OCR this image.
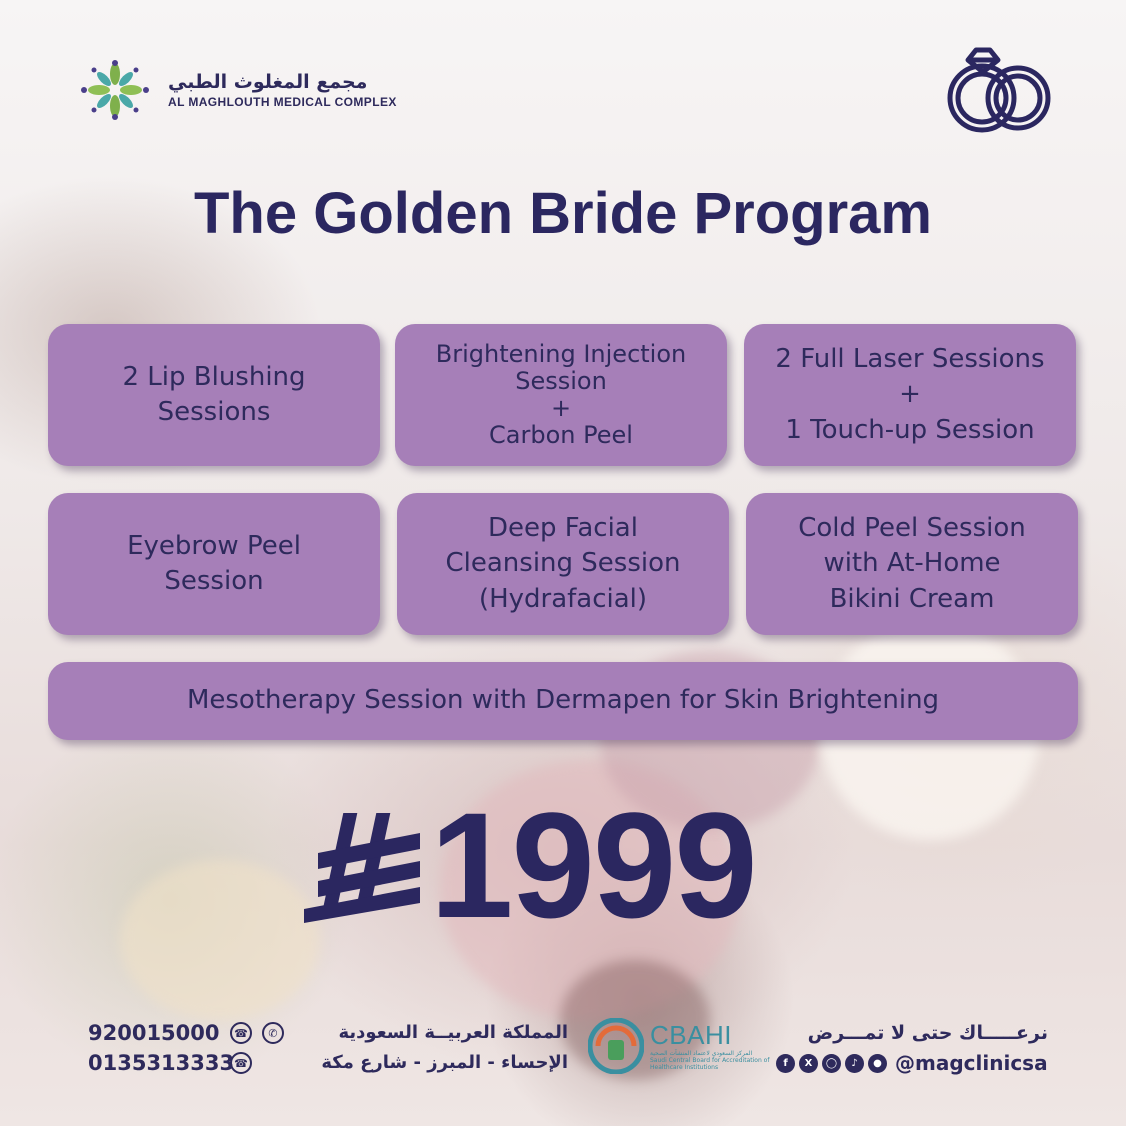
مجمع المغلوث الطبي
AL MAGHLOUTH MEDICAL COMPLEX
The Golden Bride Program
2 Lip Blushing
Sessions
Brightening Injection
Session
+
Carbon Peel
2 Full Laser Sessions
+
1 Touch-up Session
Eyebrow Peel
Session
Deep Facial
Cleansing Session
(Hydrafacial)
Cold Peel Session
with At-Home
Bikini Cream
Mesotherapy Session with Dermapen for Skin Brightening
1999
920015000	☎	✆
0135313333 ☎
المملكة العربيــة السعودية
الإحساء - المبرز - شارع مكة
CBAHI
المركز السعودي لاعتماد المنشآت الصحية
Saudi Central Board for Accreditation of Healthcare Institutions
نرعـــــاك حتى لا تمـــرض
f	X	◯	♪	● @magclinicsa
